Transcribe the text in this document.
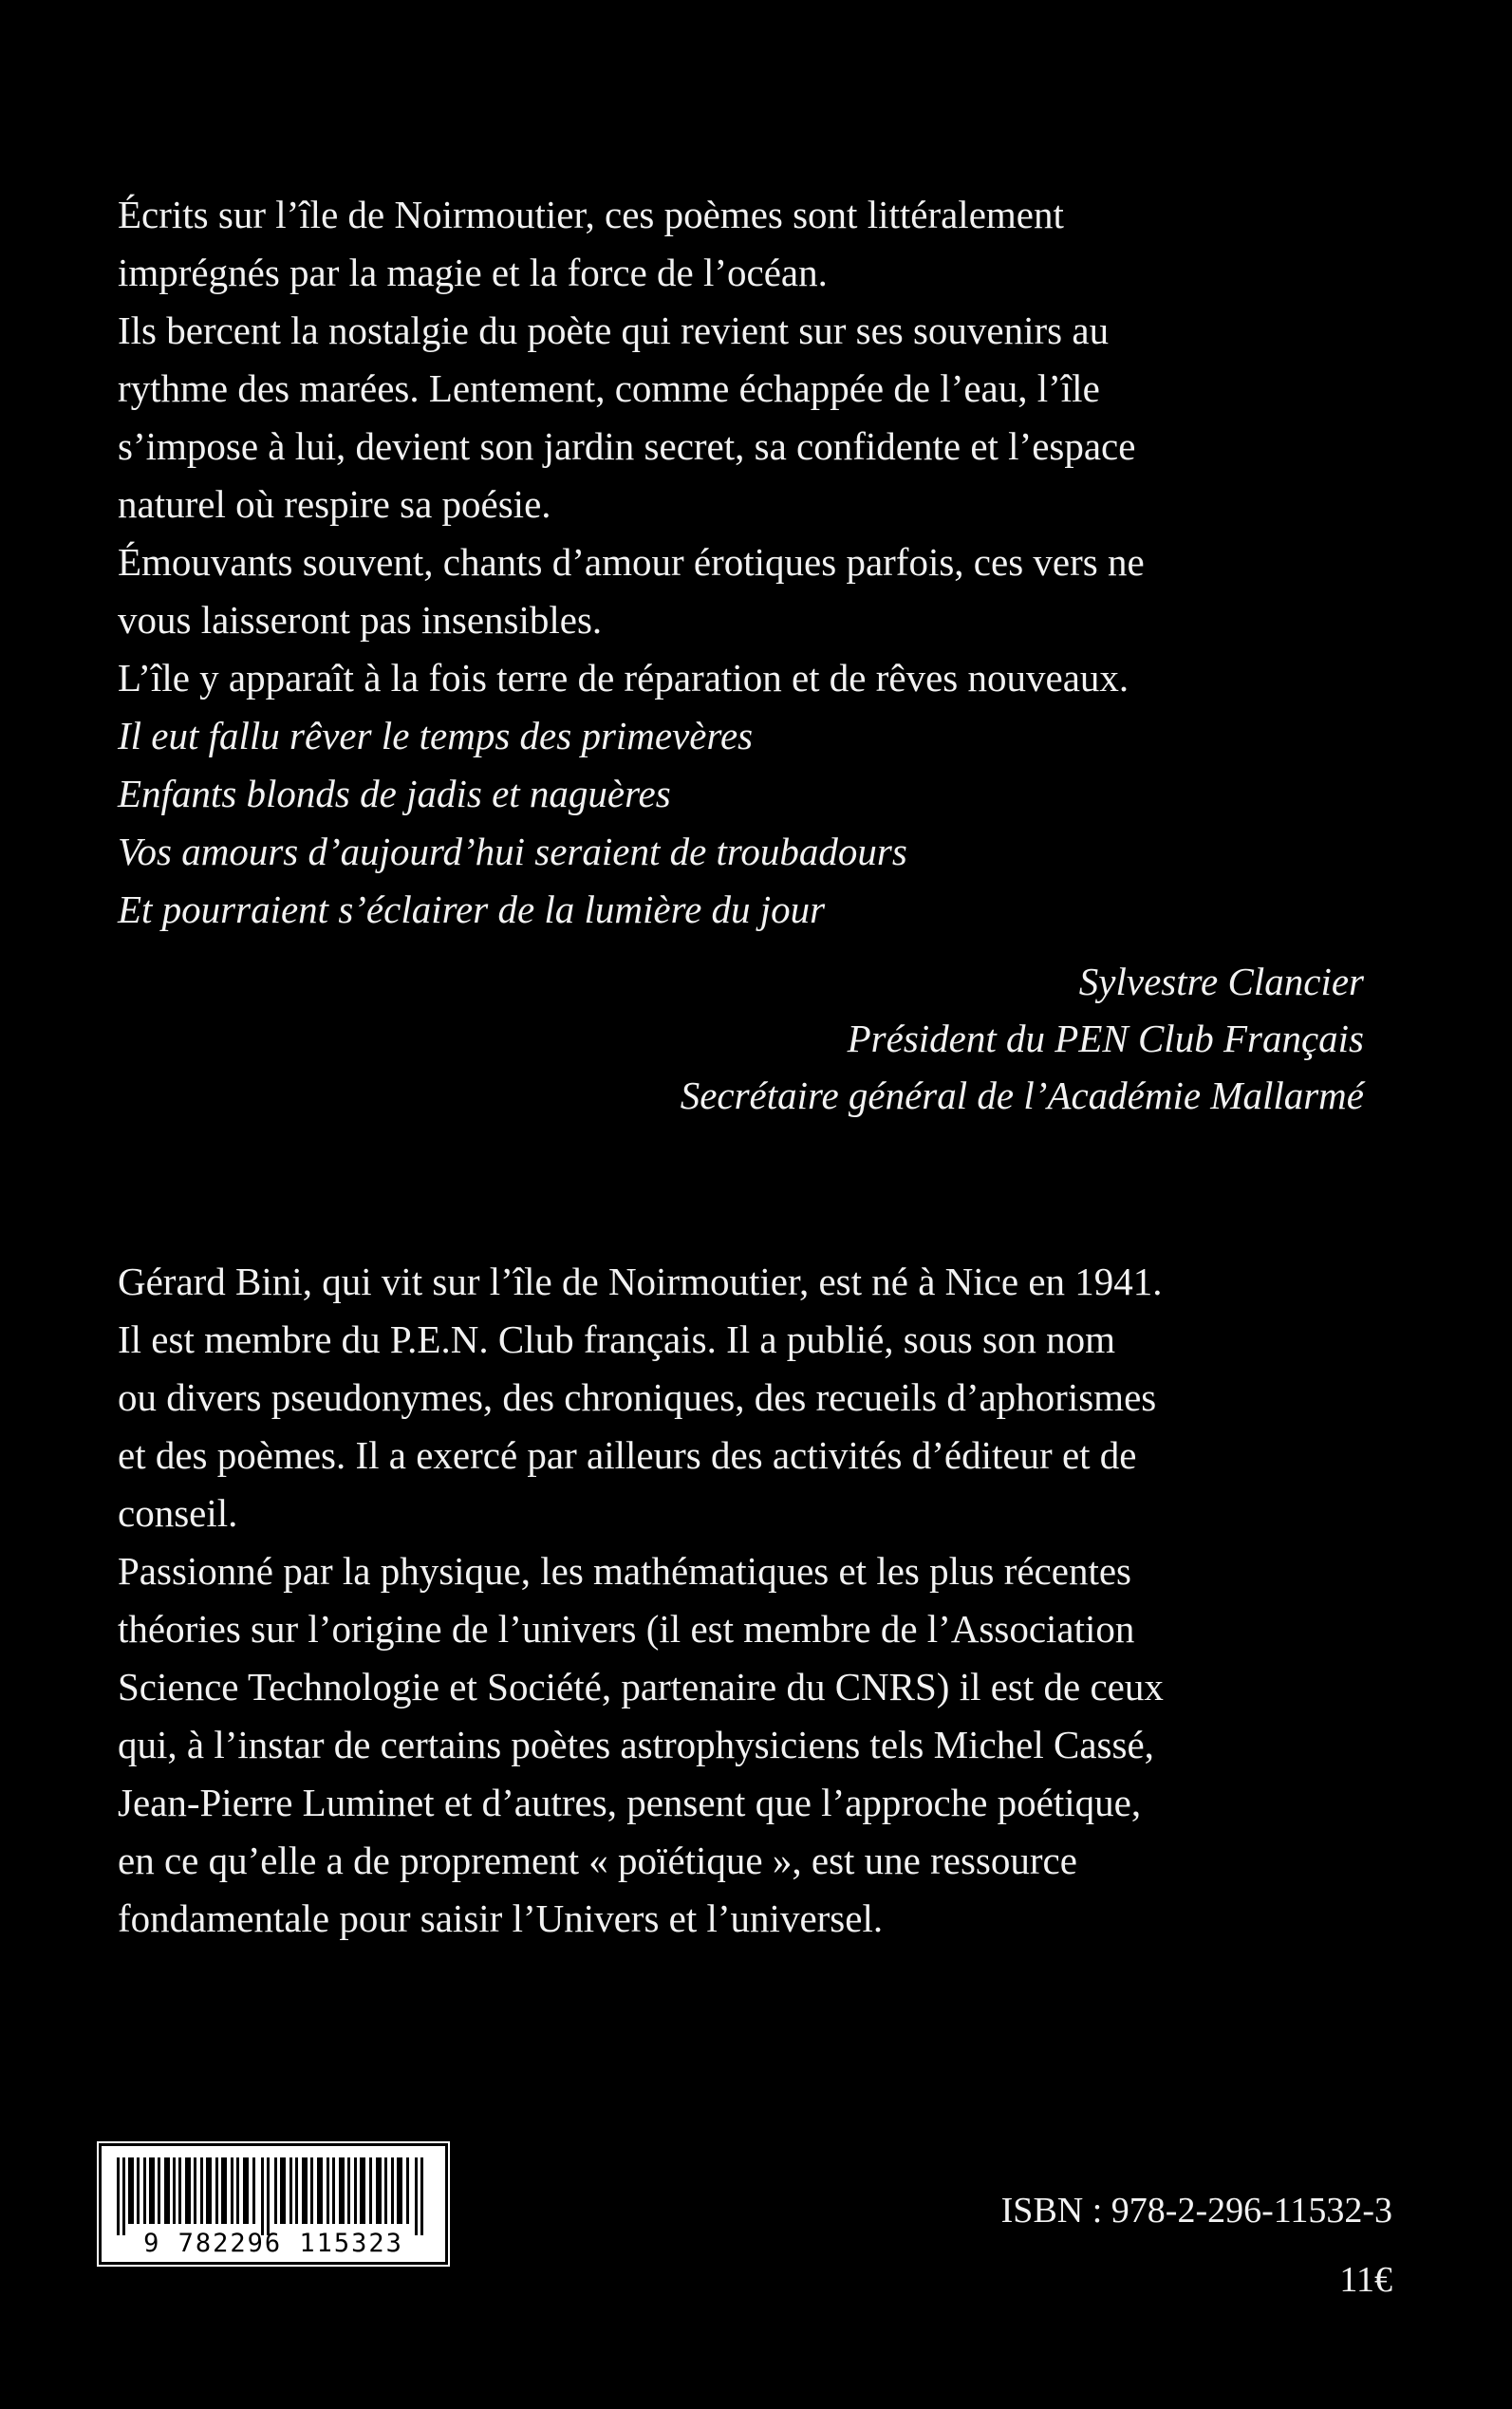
Écrits sur l’île de Noirmoutier, ces poèmes sont littéralement
imprégnés par la magie et la force de l’océan.
Ils bercent la nostalgie du poète qui revient sur ses souvenirs au
rythme des marées. Lentement, comme échappée de l’eau, l’île
s’impose à lui, devient son jardin secret, sa confidente et l’espace
naturel où respire sa poésie.
Émouvants souvent, chants d’amour érotiques parfois, ces vers ne
vous laisseront pas insensibles.
L’île y apparaît à la fois terre de réparation et de rêves nouveaux.
Il eut fallu rêver le temps des primevères
Enfants blonds de jadis et naguères
Vos amours d’aujourd’hui seraient de troubadours
Et pourraient s’éclairer de la lumière du jour
Sylvestre Clancier
Président du PEN Club Français
Secrétaire général de l’Académie Mallarmé
Gérard Bini, qui vit sur l’île de Noirmoutier, est né à Nice en 1941.
Il est membre du P.E.N. Club français. Il a publié, sous son nom
ou divers pseudonymes, des chroniques, des recueils d’aphorismes
et des poèmes. Il a exercé par ailleurs des activités d’éditeur et de
conseil.
Passionné par la physique, les mathématiques et les plus récentes
théories sur l’origine de l’univers (il est membre de l’Association
Science Technologie et Société, partenaire du CNRS) il est de ceux
qui, à l’instar de certains poètes astrophysiciens tels Michel Cassé,
Jean-Pierre Luminet et d’autres, pensent que l’approche poétique,
en ce qu’elle a de proprement « poïétique », est une ressource
fondamentale pour saisir l’Univers et l’universel.
9 782296 115323
ISBN : 978-2-296-11532-3
11€
